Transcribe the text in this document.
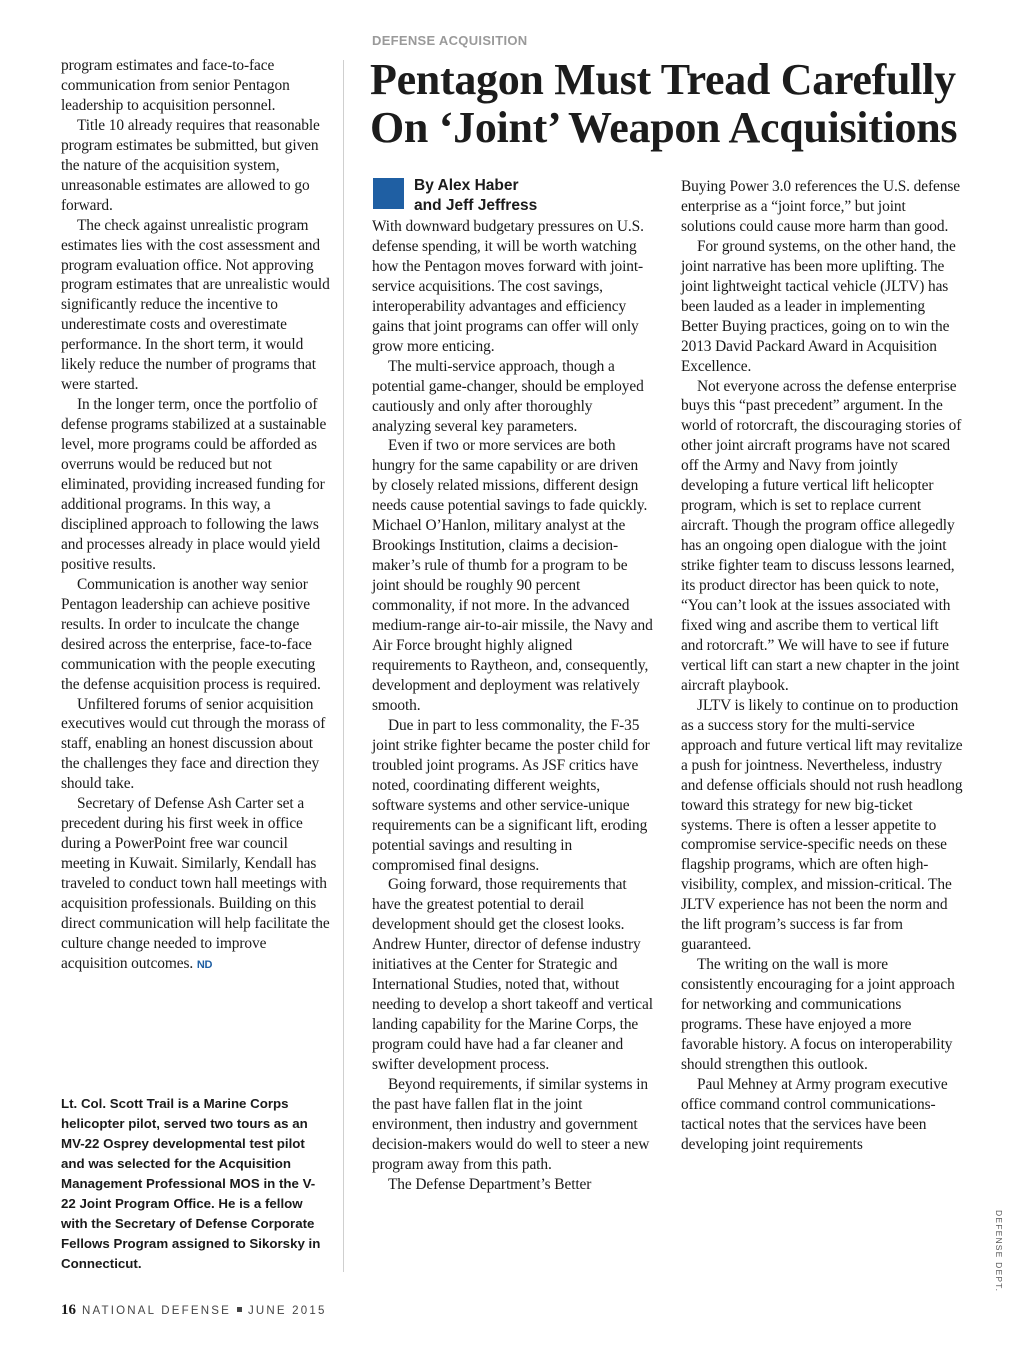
program estimates and face-to-face communication from senior Pentagon leadership to acquisition personnel.

Title 10 already requires that reasonable program estimates be submitted, but given the nature of the acquisition system, unreasonable estimates are allowed to go forward.

The check against unrealistic program estimates lies with the cost assessment and program evaluation office. Not approving program estimates that are unrealistic would significantly reduce the incentive to underestimate costs and overestimate performance. In the short term, it would likely reduce the number of programs that were started.

In the longer term, once the portfolio of defense programs stabilized at a sustainable level, more programs could be afforded as overruns would be reduced but not eliminated, providing increased funding for additional programs. In this way, a disciplined approach to following the laws and processes already in place would yield positive results.

Communication is another way senior Pentagon leadership can achieve positive results. In order to inculcate the change desired across the enterprise, face-to-face communication with the people executing the defense acquisition process is required.

Unfiltered forums of senior acquisition executives would cut through the morass of staff, enabling an honest discussion about the challenges they face and direction they should take.

Secretary of Defense Ash Carter set a precedent during his first week in office during a PowerPoint free war council meeting in Kuwait. Similarly, Kendall has traveled to conduct town hall meetings with acquisition professionals. Building on this direct communication will help facilitate the culture change needed to improve acquisition outcomes. ND

Lt. Col. Scott Trail is a Marine Corps helicopter pilot, served two tours as an MV-22 Osprey developmental test pilot and was selected for the Acquisition Management Professional MOS in the V-22 Joint Program Office. He is a fellow with the Secretary of Defense Corporate Fellows Program assigned to Sikorsky in Connecticut.
DEFENSE ACQUISITION
Pentagon Must Tread Carefully On ‘Joint’ Weapon Acquisitions
By Alex Haber
and Jeff Jeffress

With downward budgetary pressures on U.S. defense spending, it will be worth watching how the Pentagon moves forward with joint-service acquisitions. The cost savings, interoperability advantages and efficiency gains that joint programs can offer will only grow more enticing.

The multi-service approach, though a potential game-changer, should be employed cautiously and only after thoroughly analyzing several key parameters.

Even if two or more services are both hungry for the same capability or are driven by closely related missions, different design needs cause potential savings to fade quickly. Michael O’Hanlon, military analyst at the Brookings Institution, claims a decision-maker’s rule of thumb for a program to be joint should be roughly 90 percent commonality, if not more. In the advanced medium-range air-to-air missile, the Navy and Air Force brought highly aligned requirements to Raytheon, and, consequently, development and deployment was relatively smooth.

Due in part to less commonality, the F-35 joint strike fighter became the poster child for troubled joint programs. As JSF critics have noted, coordinating different weights, software systems and other service-unique requirements can be a significant lift, eroding potential savings and resulting in compromised final designs.

Going forward, those requirements that have the greatest potential to derail development should get the closest looks. Andrew Hunter, director of defense industry initiatives at the Center for Strategic and International Studies, noted that, without needing to develop a short takeoff and vertical landing capability for the Marine Corps, the program could have had a far cleaner and swifter development process.

Beyond requirements, if similar systems in the past have fallen flat in the joint environment, then industry and government decision-makers would do well to steer a new program away from this path.

The Defense Department’s Better

Buying Power 3.0 references the U.S. defense enterprise as a “joint force,” but joint solutions could cause more harm than good.

For ground systems, on the other hand, the joint narrative has been more uplifting. The joint lightweight tactical vehicle (JLTV) has been lauded as a leader in implementing Better Buying practices, going on to win the 2013 David Packard Award in Acquisition Excellence.

Not everyone across the defense enterprise buys this “past precedent” argument. In the world of rotorcraft, the discouraging stories of other joint aircraft programs have not scared off the Army and Navy from jointly developing a future vertical lift helicopter program, which is set to replace current aircraft. Though the program office allegedly has an ongoing open dialogue with the joint strike fighter team to discuss lessons learned, its product director has been quick to note, “You can’t look at the issues associated with fixed wing and ascribe them to vertical lift and rotorcraft.” We will have to see if future vertical lift can start a new chapter in the joint aircraft playbook.

JLTV is likely to continue on to production as a success story for the multi-service approach and future vertical lift may revitalize a push for jointness. Nevertheless, industry and defense officials should not rush headlong toward this strategy for new big-ticket systems. There is often a lesser appetite to compromise service-specific needs on these flagship programs, which are often high-visibility, complex, and mission-critical. The JLTV experience has not been the norm and the lift program’s success is far from guaranteed.

The writing on the wall is more consistently encouraging for a joint approach for networking and communications programs. These have enjoyed a more favorable history. A focus on interoperability should strengthen this outlook.

Paul Mehney at Army program executive office command control communications-tactical notes that the services have been developing joint requirements

DEFENSE DEPT.
16 NATIONAL DEFENSE JUNE 2015
